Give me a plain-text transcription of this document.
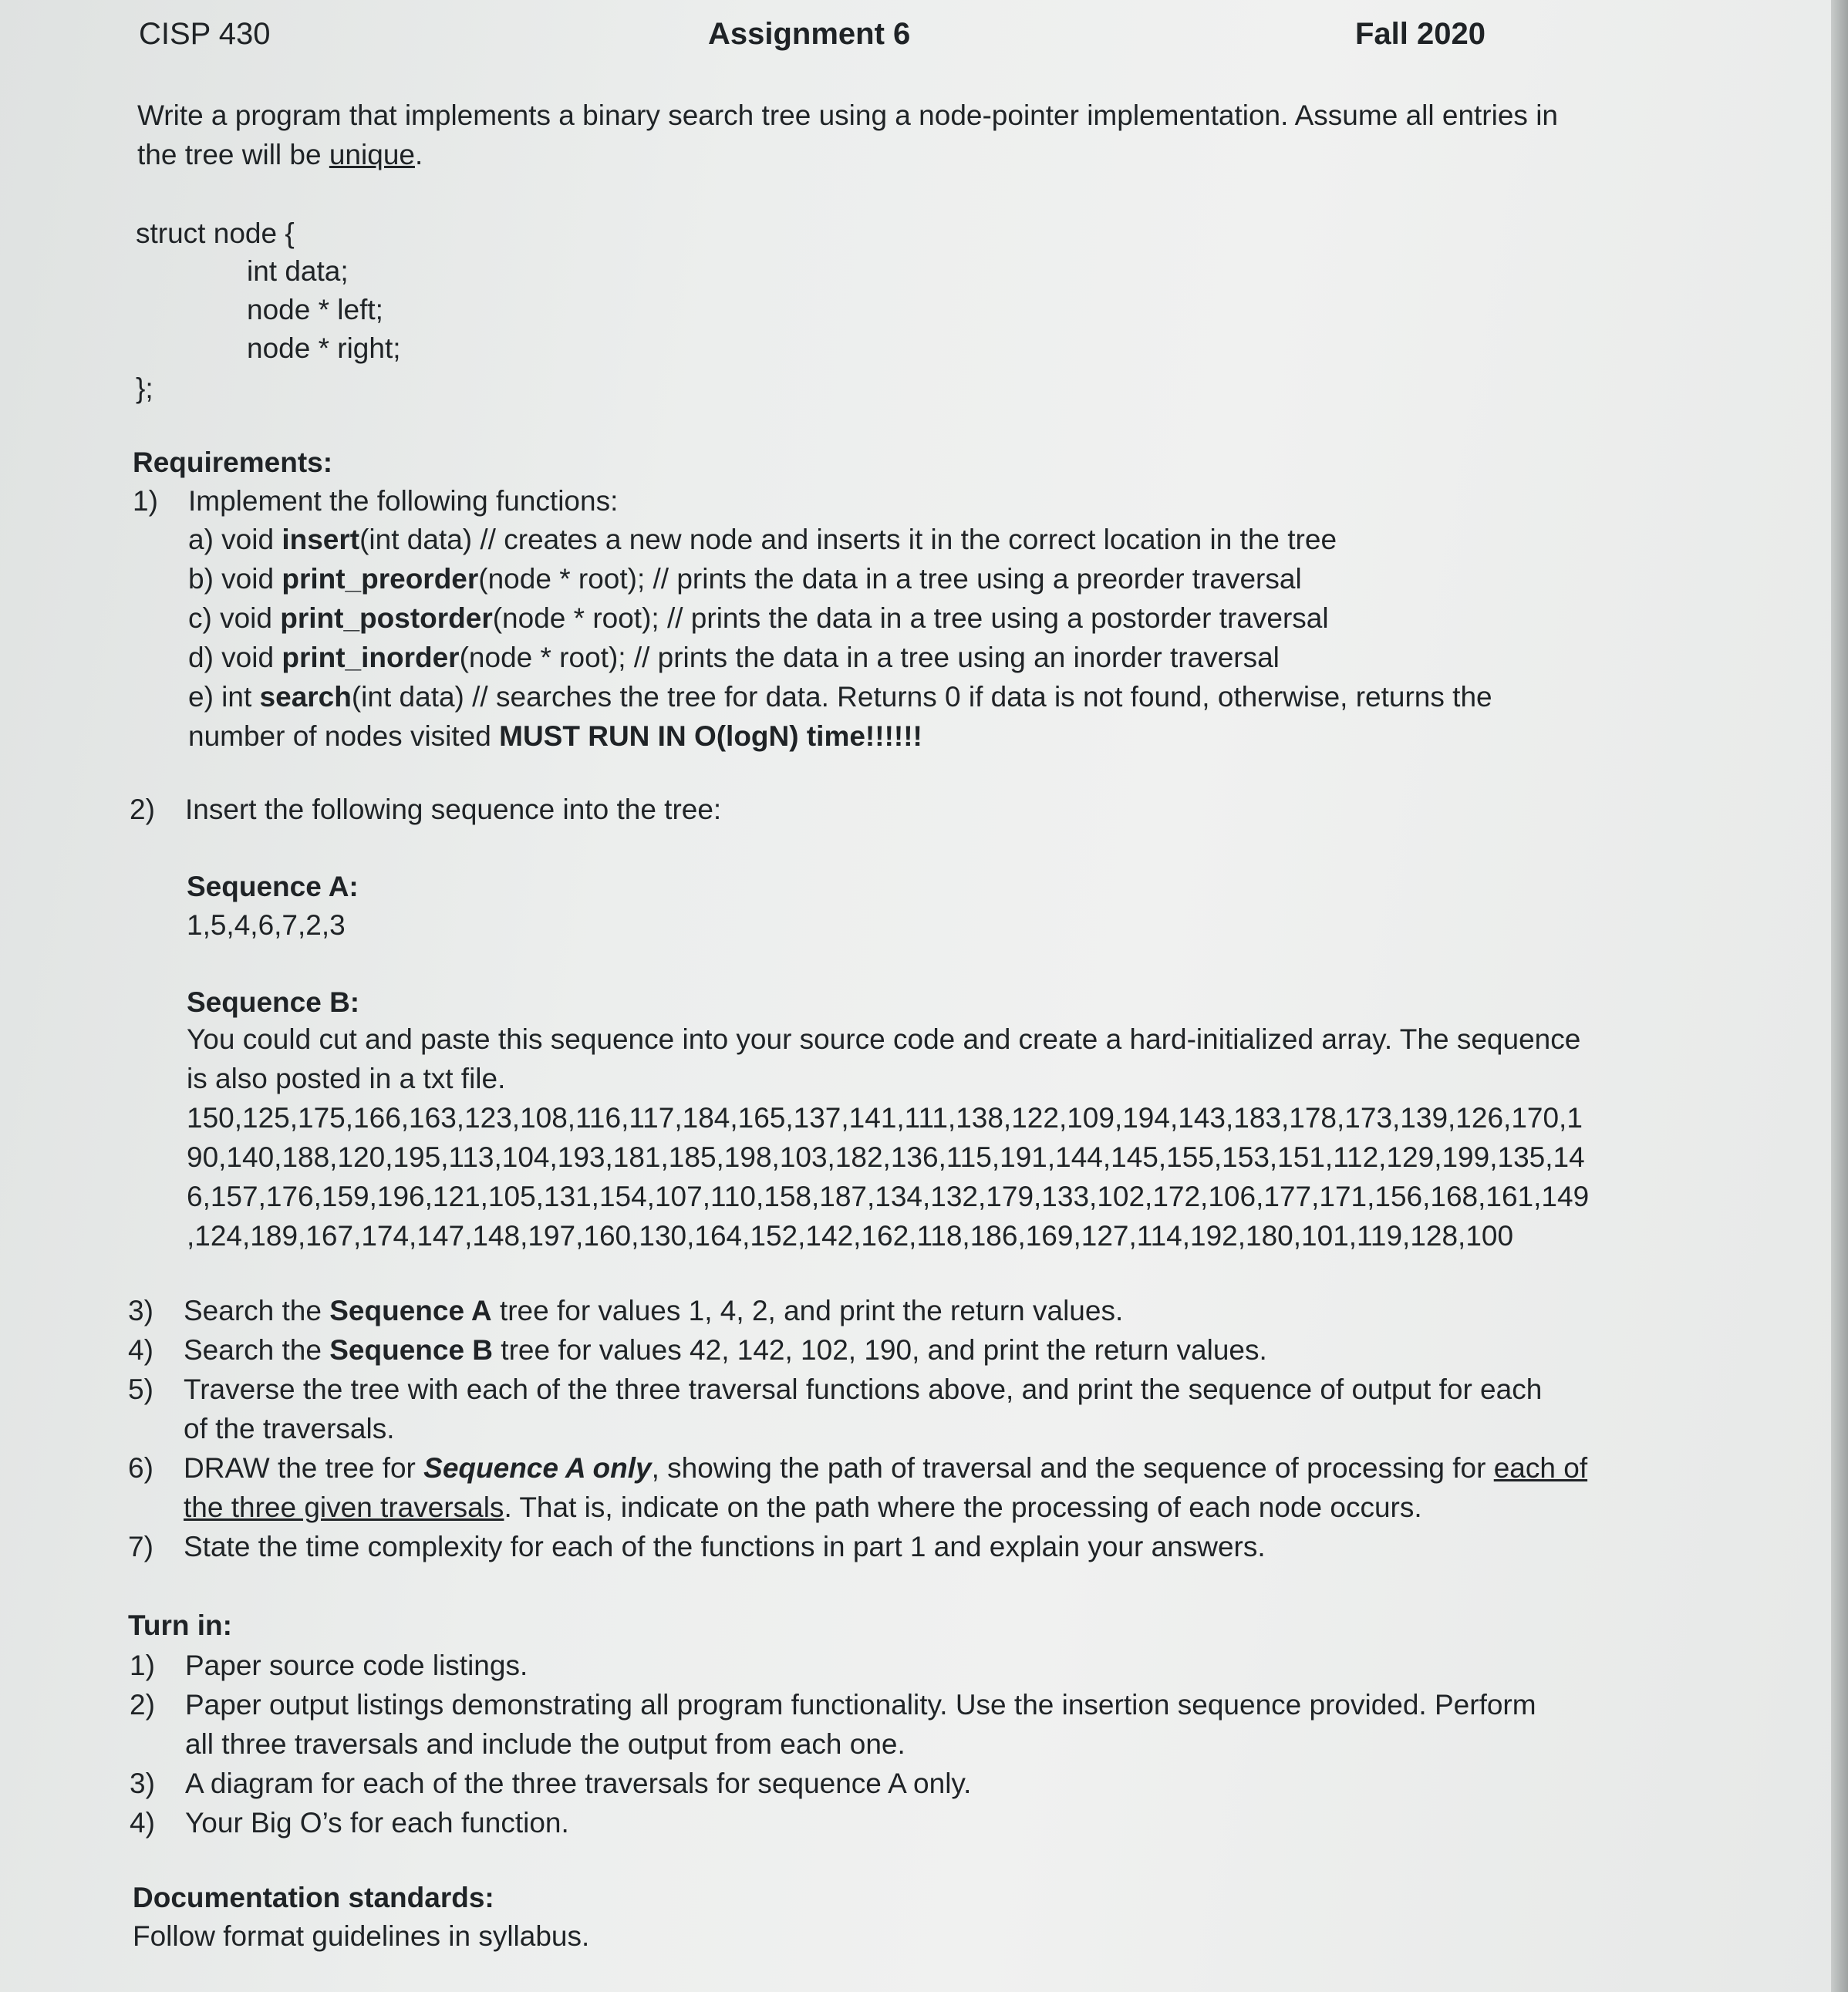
CISP 430	Assignment 6	Fall 2020
Write a program that implements a binary search tree using a node-pointer implementation. Assume all entries in
the tree will be unique.
struct node {
int data;
node * left;
node * right;
};
Requirements:
1) Implement the following functions:
a) void insert(int data) // creates a new node and inserts it in the correct location in the tree
b) void print_preorder(node * root); // prints the data in a tree using a preorder traversal
c) void print_postorder(node * root); // prints the data in a tree using a postorder traversal
d) void print_inorder(node * root); // prints the data in a tree using an inorder traversal
e) int search(int data) // searches the tree for data. Returns 0 if data is not found, otherwise, returns the
number of nodes visited MUST RUN IN O(logN) time!!!!!!
2) Insert the following sequence into the tree:
Sequence A:
1,5,4,6,7,2,3
Sequence B:
You could cut and paste this sequence into your source code and create a hard-initialized array. The sequence
is also posted in a txt file.
150,125,175,166,163,123,108,116,117,184,165,137,141,111,138,122,109,194,143,183,178,173,139,126,170,1
90,140,188,120,195,113,104,193,181,185,198,103,182,136,115,191,144,145,155,153,151,112,129,199,135,14
6,157,176,159,196,121,105,131,154,107,110,158,187,134,132,179,133,102,172,106,177,171,156,168,161,149
,124,189,167,174,147,148,197,160,130,164,152,142,162,118,186,169,127,114,192,180,101,119,128,100
3) Search the Sequence A tree for values 1, 4, 2, and print the return values.
4) Search the Sequence B tree for values 42, 142, 102, 190, and print the return values.
5) Traverse the tree with each of the three traversal functions above, and print the sequence of output for each
of the traversals.
6) DRAW the tree for Sequence A only, showing the path of traversal and the sequence of processing for each of
the three given traversals. That is, indicate on the path where the processing of each node occurs.
7) State the time complexity for each of the functions in part 1 and explain your answers.
Turn in:
1) Paper source code listings.
2) Paper output listings demonstrating all program functionality. Use the insertion sequence provided. Perform
all three traversals and include the output from each one.
3) A diagram for each of the three traversals for sequence A only.
4) Your Big O’s for each function.
Documentation standards:
Follow format guidelines in syllabus.
